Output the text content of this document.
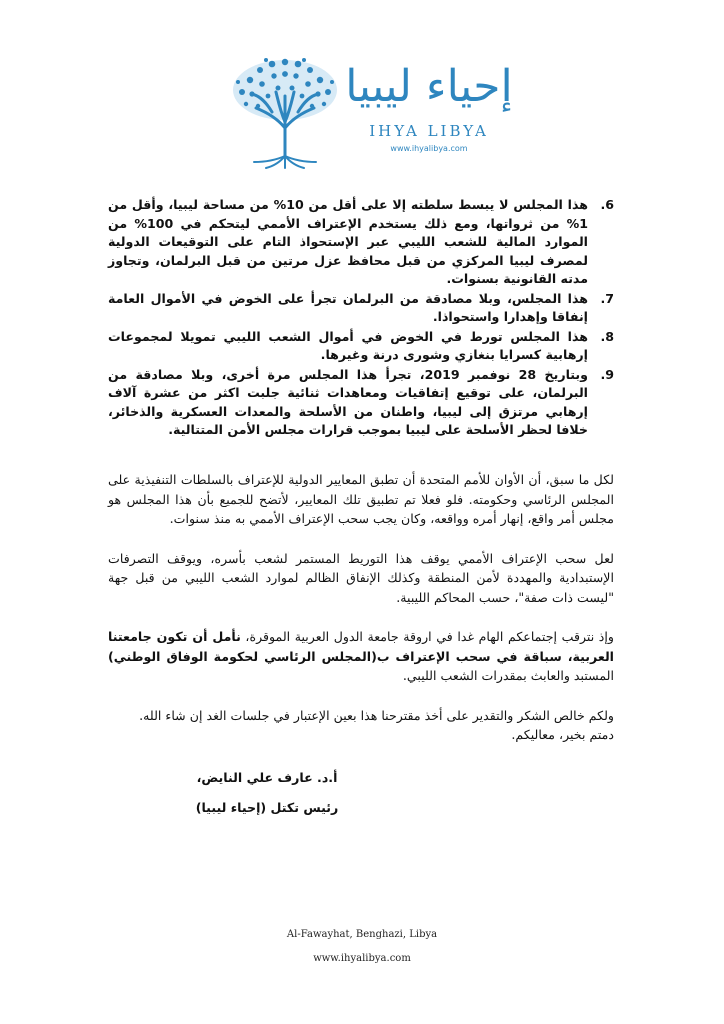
إحياء ليبيا
IHYA LIBYA
www.ihyalibya.com
6.
هذا المجلس لا يبسط سلطته إلا على أقل من 10% من مساحة ليبيا، وأقل من 1% من ثرواتها، ومع ذلك يستخدم الإعتراف الأممي ليتحكم في 100% من الموارد المالية للشعب الليبي عبر الإستحواذ التام على التوقيعات الدولية لمصرف ليبيا المركزي من قبل محافظ عزل مرتين من قبل البرلمان، وتجاوز مدته القانونية بسنوات.
7.
هذا المجلس، وبلا مصادقة من البرلمان تجرأ على الخوض في الأموال العامة إنفاقا وإهدارا واستحواذا.
8.
هذا المجلس تورط في الخوض في أموال الشعب الليبي تمويلا لمجموعات إرهابية كسرايا بنغازي وشورى درنة وغيرها.
9.
وبتاريخ 28 نوفمبر 2019، تجرأ هذا المجلس مرة أخرى، وبلا مصادقة من البرلمان، على توقيع إتفاقيات ومعاهدات ثنائية جلبت اكثر من عشرة آلاف إرهابي مرتزق إلى ليبيا، واطنان من الأسلحة والمعدات العسكرية والذخائر، خلافا لحظر الأسلحة على ليبيا بموجب قرارات مجلس الأمن المتتالية.

لكل ما سبق، أن الأوان للأمم المتحدة أن تطبق المعايير الدولية للإعتراف بالسلطات التنفيذية على المجلس الرئاسي وحكومته. فلو فعلا تم تطبيق تلك المعايير، لأتضح للجميع بأن هذا المجلس هو مجلس أمر واقع، إنهار أمره وواقعه، وكان يجب سحب الإعتراف الأممي به منذ سنوات.

لعل سحب الإعتراف الأممي يوقف هذا التوريط المستمر لشعب بأسره، ويوقف التصرفات الإستبدادية والمهددة لأمن المنطقة وكذلك الإنفاق الظالم لموارد الشعب الليبي من قبل جهة "ليست ذات صفة"، حسب المحاكم الليبية.

وإذ نترقب إجتماعكم الهام غدا في اروقة جامعة الدول العربية الموقرة، نأمل أن تكون جامعتنا العربية، سباقة في سحب الإعتراف ب(المجلس الرئاسي لحكومة الوفاق الوطني) المستبد والعابث بمقدرات الشعب الليبي.

ولكم خالص الشكر والتقدير على أخذ مقترحنا هذا بعين الإعتبار في جلسات الغد إن شاء الله.
دمتم بخير، معاليكم.

أ.د. عارف علي النايض،
رئيس تكتل (إحياء ليبيا)
Al-Fawayhat, Benghazi, Libya
www.ihyalibya.com
